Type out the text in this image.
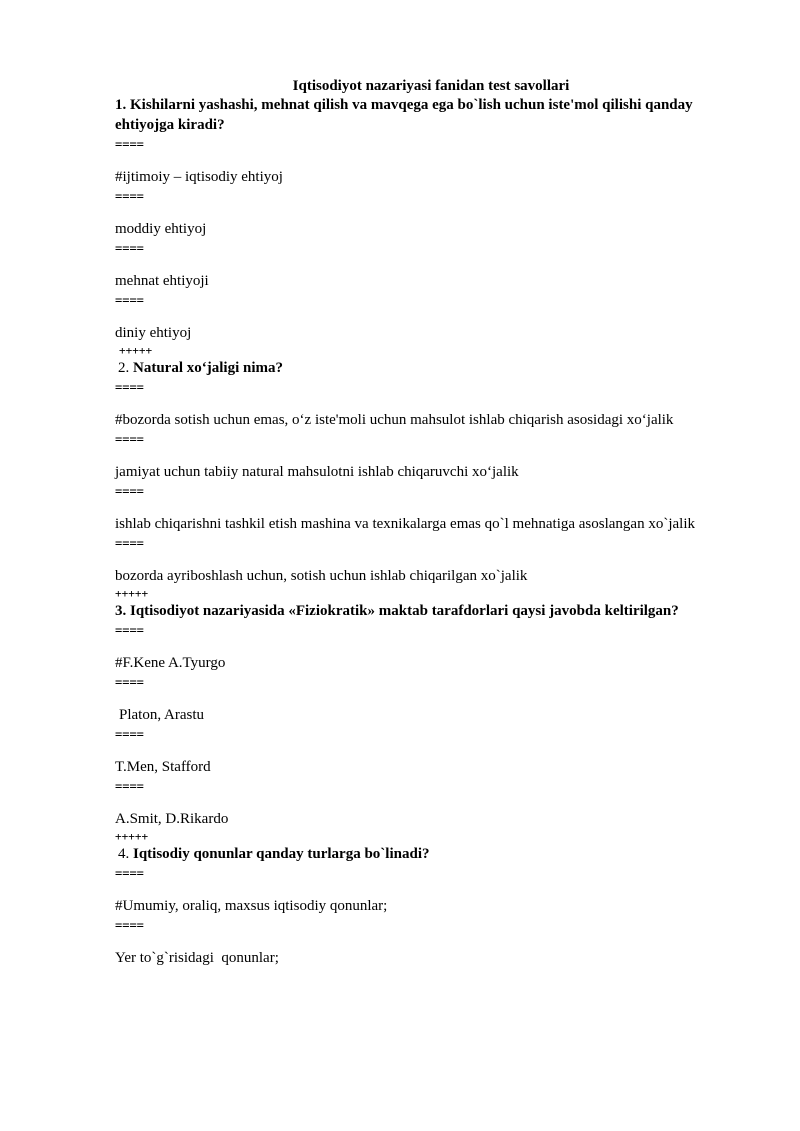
Iqtisodiyot nazariyasi fanidan test savollari
1. Kishilarni yashashi, mehnat qilish va mavqega ega bo`lish uchun iste'mol qilishi qanday ehtiyojga kiradi?
====
#ijtimoiy – iqtisodiy ehtiyoj
====
moddiy ehtiyoj
====
mehnat ehtiyoji
====
diniy ehtiyoj
+++++
2. Natural xo‘jaligi nima?
====
#bozorda sotish uchun emas, o‘z iste'moli uchun mahsulot ishlab chiqarish asosidagi xo‘jalik
====
jamiyat uchun tabiiy natural mahsulotni ishlab chiqaruvchi xo‘jalik
====
ishlab chiqarishni tashkil etish mashina va texnikalarga emas qo`l mehnatiga asoslangan xo`jalik
====
bozorda ayriboshlash uchun, sotish uchun ishlab chiqarilgan xo`jalik
+++++
3. Iqtisodiyot nazariyasida «Fiziokratik» maktab tarafdorlari qaysi javobda keltirilgan?
====
#F.Kene A.Tyurgo
====
Platon, Arastu
====
T.Men, Stafford
====
A.Smit, D.Rikardo
+++++
4. Iqtisodiy qonunlar qanday turlarga bo`linadi?
====
#Umumiy, oraliq, maxsus iqtisodiy qonunlar;
====
Yer to`g`risidagi  qonunlar;
